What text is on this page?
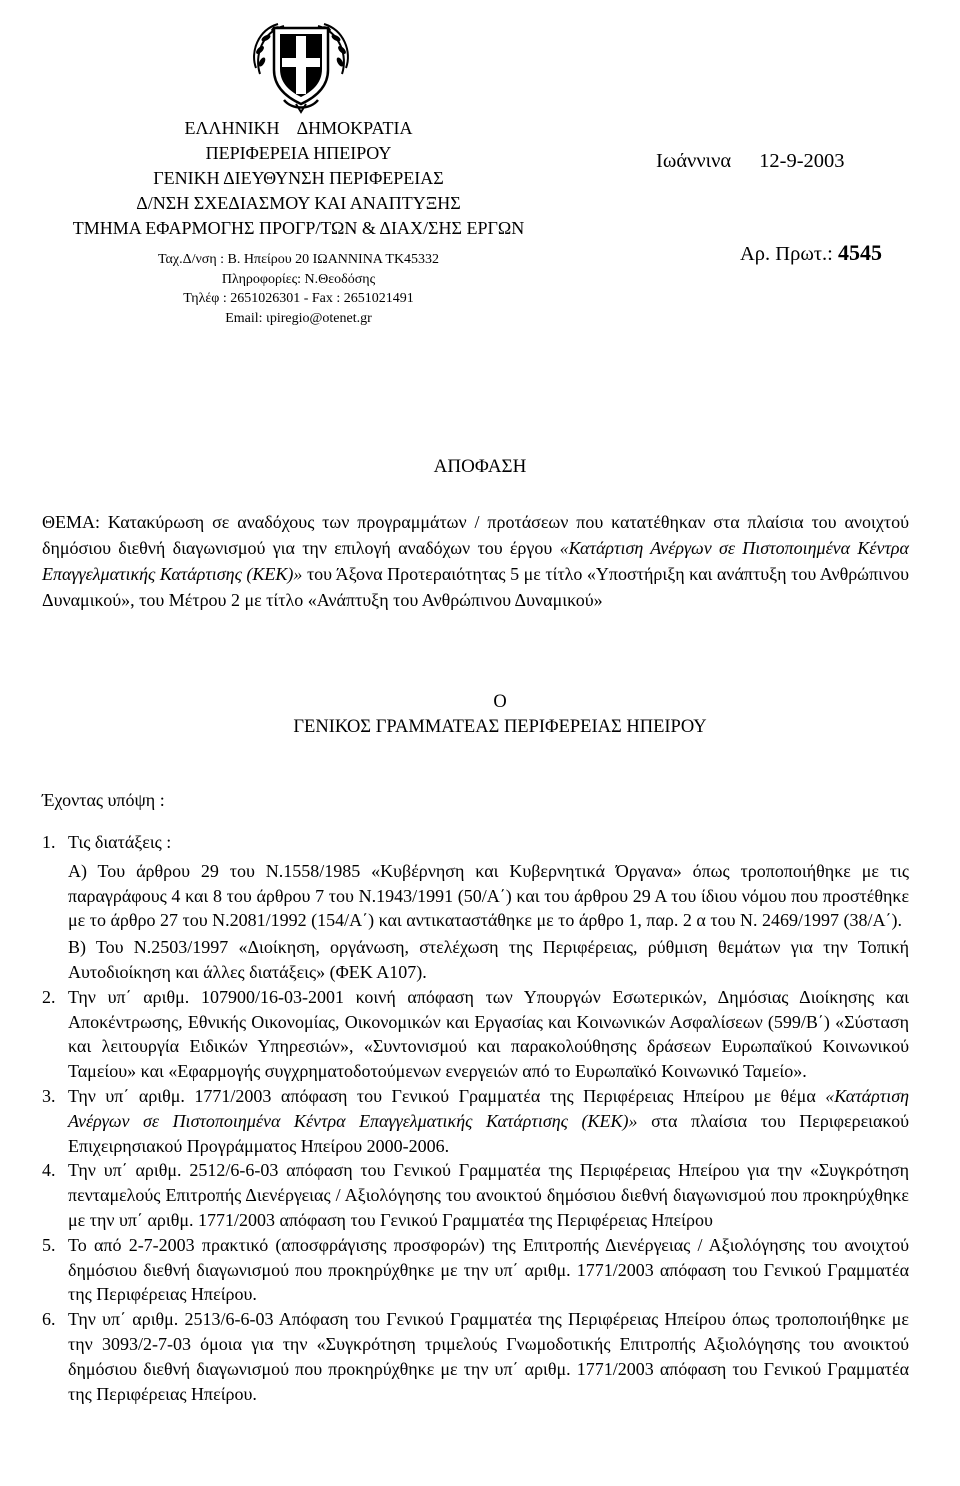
ΕΛΛΗΝΙΚΗ    ΔΗΜΟΚΡΑΤΙΑ
ΠΕΡΙΦΕΡΕΙΑ ΗΠΕΙΡΟΥ
ΓΕΝΙΚΗ ΔΙΕΥΘΥΝΣΗ ΠΕΡΙΦΕΡΕΙΑΣ
Δ/ΝΣΗ ΣΧΕΔΙΑΣΜΟΥ ΚΑΙ ΑΝΑΠΤΥΞΗΣ
ΤΜΗΜΑ ΕΦΑΡΜΟΓΗΣ ΠΡΟΓΡ/ΤΩΝ & ΔΙΑΧ/ΣΗΣ ΕΡΓΩΝ
Ταχ.Δ/νση : Β. Ηπείρου 20 ΙΩΑΝΝΙΝΑ ΤΚ45332
Πληροφορίες: Ν.Θεοδόσης
Τηλέφ : 2651026301 - Fax : 2651021491
Email: ιpiregio@otenet.gr
Ιωάννινα 12-9-2003
Αρ. Πρωτ.: 4545
ΑΠΟΦΑΣΗ
ΘΕΜΑ: Κατακύρωση σε αναδόχους των προγραμμάτων / προτάσεων που κατατέθηκαν στα πλαίσια του ανοιχτού δημόσιου διεθνή διαγωνισμού για την επιλογή αναδόχων του έργου «Κατάρτιση Ανέργων σε Πιστοποιημένα Κέντρα Επαγγελματικής Κατάρτισης (ΚΕΚ)» του Άξονα Προτεραιότητας 5 με τίτλο «Υποστήριξη και ανάπτυξη του Ανθρώπινου Δυναμικού», του Μέτρου 2 με τίτλο «Ανάπτυξη του Ανθρώπινου Δυναμικού»
Ο
ΓΕΝΙΚΟΣ ΓΡΑΜΜΑΤΕΑΣ ΠΕΡΙΦΕΡΕΙΑΣ ΗΠΕΙΡΟΥ
Έχοντας υπόψη :
1. Τις διατάξεις :
Α) Του άρθρου 29 του Ν.1558/1985 «Κυβέρνηση και Κυβερνητικά Όργανα» όπως τροποποιήθηκε με τις παραγράφους 4 και 8 του άρθρου 7 του Ν.1943/1991 (50/Α΄) και του άρθρου 29 Α του ίδιου νόμου που προστέθηκε με το άρθρο 27 του Ν.2081/1992 (154/Α΄) και αντικαταστάθηκε με το άρθρο 1, παρ. 2 α του Ν. 2469/1997 (38/Α΄).
Β) Του Ν.2503/1997 «Διοίκηση, οργάνωση, στελέχωση της Περιφέρειας, ρύθμιση θεμάτων για την Τοπική Αυτοδιοίκηση και άλλες διατάξεις» (ΦΕΚ Α107).
2. Την υπ΄ αριθμ. 107900/16-03-2001 κοινή απόφαση των Υπουργών Εσωτερικών, Δημόσιας Διοίκησης και Αποκέντρωσης, Εθνικής Οικονομίας, Οικονομικών και Εργασίας και Κοινωνικών Ασφαλίσεων (599/Β΄) «Σύσταση και λειτουργία Ειδικών Υπηρεσιών», «Συντονισμού και παρακολούθησης δράσεων Ευρωπαϊκού Κοινωνικού Ταμείου» και «Εφαρμογής συγχρηματοδοτούμενων ενεργειών από το Ευρωπαϊκό Κοινωνικό Ταμείο».
3. Την υπ΄ αριθμ. 1771/2003 απόφαση του Γενικού Γραμματέα της Περιφέρειας Ηπείρου με θέμα «Κατάρτιση Ανέργων σε Πιστοποιημένα Κέντρα Επαγγελματικής Κατάρτισης (ΚΕΚ)» στα πλαίσια του Περιφερειακού Επιχειρησιακού Προγράμματος Ηπείρου 2000-2006.
4. Την υπ΄ αριθμ. 2512/6-6-03 απόφαση του Γενικού Γραμματέα της Περιφέρειας Ηπείρου για την «Συγκρότηση πενταμελούς Επιτροπής Διενέργειας / Αξιολόγησης του ανοικτού δημόσιου διεθνή διαγωνισμού που προκηρύχθηκε με την υπ΄ αριθμ. 1771/2003 απόφαση του Γενικού Γραμματέα της Περιφέρειας Ηπείρου
5. Το από 2-7-2003 πρακτικό (αποσφράγισης προσφορών) της Επιτροπής Διενέργειας / Αξιολόγησης του ανοιχτού δημόσιου διεθνή διαγωνισμού που προκηρύχθηκε με την υπ΄ αριθμ. 1771/2003 απόφαση του Γενικού Γραμματέα της Περιφέρειας Ηπείρου.
6. Την υπ΄ αριθμ. 2513/6-6-03 Απόφαση του Γενικού Γραμματέα της Περιφέρειας Ηπείρου όπως τροποποιήθηκε με την 3093/2-7-03 όμοια για την «Συγκρότηση τριμελούς Γνωμοδοτικής Επιτροπής Αξιολόγησης του ανοικτού δημόσιου διεθνή διαγωνισμού που προκηρύχθηκε με την υπ΄ αριθμ. 1771/2003 απόφαση του Γενικού Γραμματέα της Περιφέρειας Ηπείρου.
